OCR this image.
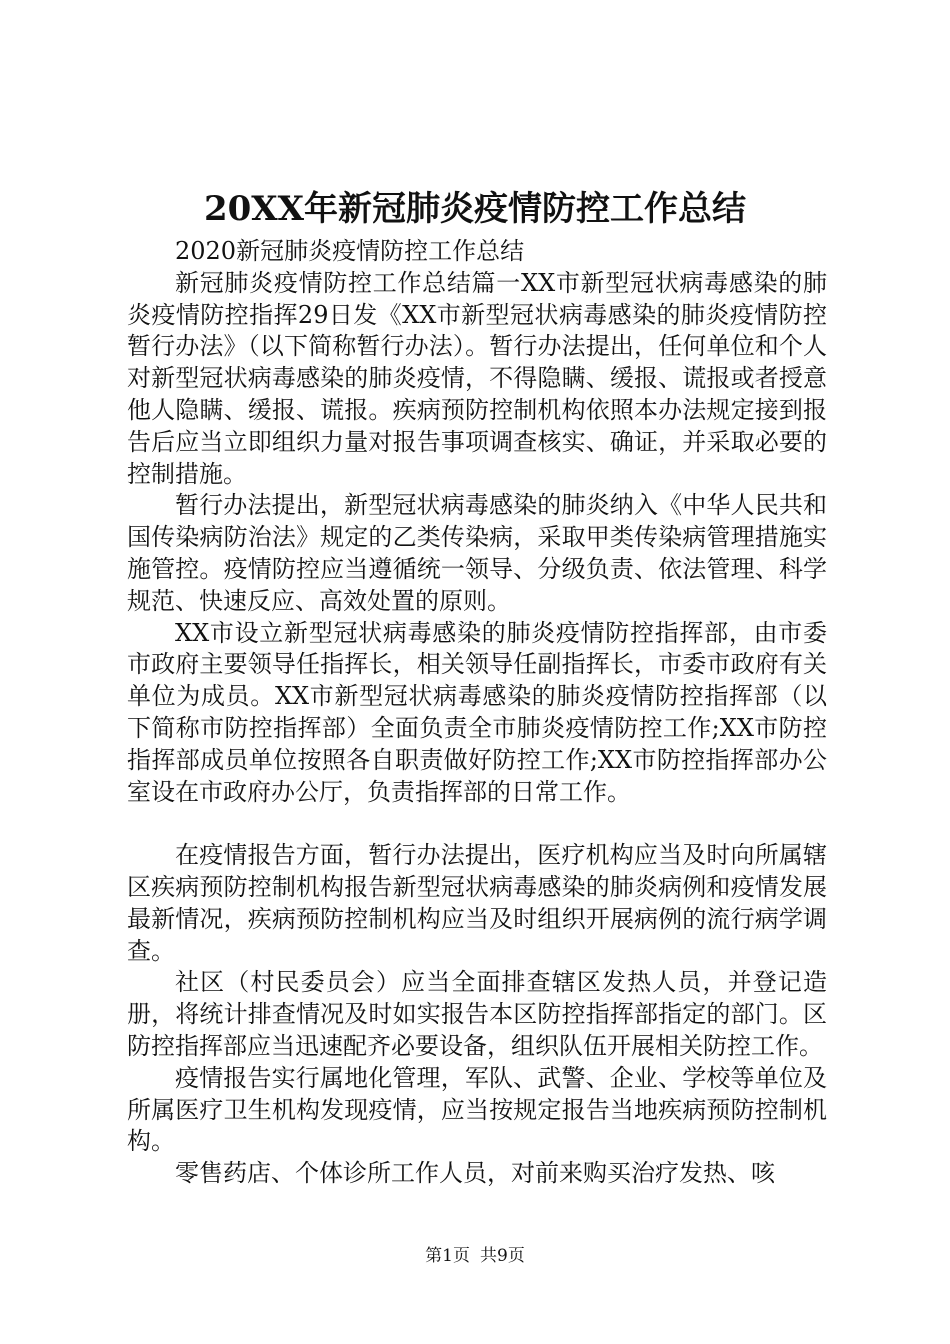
20XX年新冠肺炎疫情防控工作总结

2020新冠肺炎疫情防控工作总结

新冠肺炎疫情防控工作总结篇一XX市新型冠状病毒感染的肺炎疫情防控指挥29日发《XX市新型冠状病毒感染的肺炎疫情防控暂行办法》（以下简称暂行办法）。暂行办法提出，任何单位和个人对新型冠状病毒感染的肺炎疫情，不得隐瞒、缓报、谎报或者授意他人隐瞒、缓报、谎报。疾病预防控制机构依照本办法规定接到报告后应当立即组织力量对报告事项调查核实、确证，并采取必要的控制措施。

暂行办法提出，新型冠状病毒感染的肺炎纳入《中华人民共和国传染病防治法》规定的乙类传染病，采取甲类传染病管理措施实施管控。疫情防控应当遵循统一领导、分级负责、依法管理、科学规范、快速反应、高效处置的原则。

XX市设立新型冠状病毒感染的肺炎疫情防控指挥部，由市委市政府主要领导任指挥长，相关领导任副指挥长，市委市政府有关单位为成员。XX市新型冠状病毒感染的肺炎疫情防控指挥部（以下简称市防控指挥部）全面负责全市肺炎疫情防控工作;XX市防控指挥部成员单位按照各自职责做好防控工作;XX市防控指挥部办公室设在市政府办公厅，负责指挥部的日常工作。

在疫情报告方面，暂行办法提出，医疗机构应当及时向所属辖区疾病预防控制机构报告新型冠状病毒感染的肺炎病例和疫情发展最新情况，疾病预防控制机构应当及时组织开展病例的流行病学调查。

社区（村民委员会）应当全面排查辖区发热人员，并登记造册，将统计排查情况及时如实报告本区防控指挥部指定的部门。区防控指挥部应当迅速配齐必要设备，组织队伍开展相关防控工作。

疫情报告实行属地化管理，军队、武警、企业、学校等单位及所属医疗卫生机构发现疫情，应当按规定报告当地疾病预防控制机构。

零售药店、个体诊所工作人员，对前来购买治疗发热、咳

第1页 共9页
